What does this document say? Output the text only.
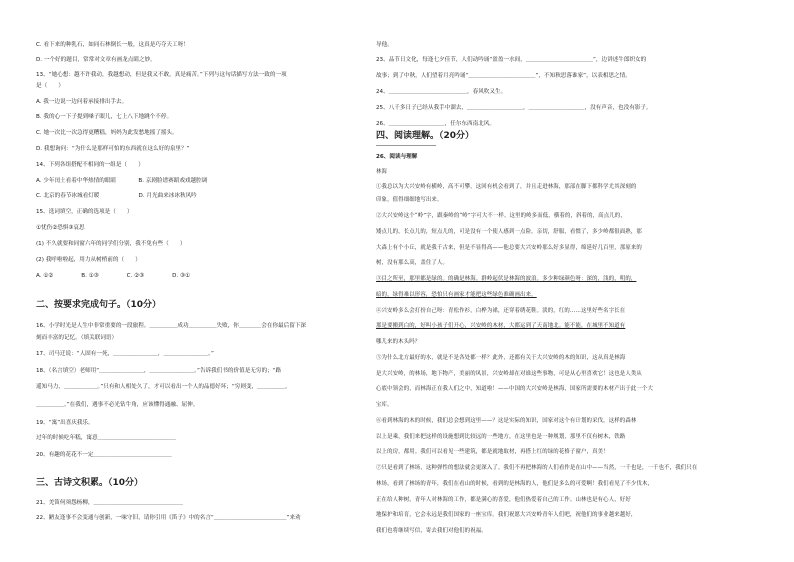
C. 看下来的种乳石，如同石林倒长一般，这真是巧夺天工呀！
D. 一个好的题目，常常对文章有画龙点睛之妙。
13、“她心想：越不许我动，我越想动，但是我又不敢，真是痛苦。”下列与这句话描写方法一致的一项
是（　　）
A. 我一边说一边问着承接排出手去。
B. 我的心一下子提到嗓子眼儿，七上八下地跳个不停。
C. 她一次比一次急得更糟糕，妈妈为此发愁地摇了摇头。
D. 我想询问：“为什么是那样可怕的东西就在这么好的泉里？”
14、下列各组搭配不相同的一组是（　　）
A. 少年闰土看着中华热情的眼睛　　　　B. 京剧脸谱赛蹈戏戏越腔调
C. 北京的春节冰城看灯暖　　　　　　　D. 月光曲来冰冰秋风吟
15、选词填空，正确的选项是（　　）
①忧伤②恐惧③哀思
(1) 不久就要和同窗六年的同学们分别，我不免有些（　　）
(2) 我呼啦啦起，用力从树梢前的（　　）
A. ①②　　　　　B. ①③　　　　　C. ②③　　　　　D. ③①
二、按要求完成句子。（10分）
16、小学时光是人生中非常重要的一段旅程。＿＿＿＿＿成功＿＿＿＿＿失败，你＿＿＿＿会在你最后留下深
刻而丰富的记忆。（填关联词语）
17、司马迁说：“人固有一死，＿＿＿＿＿＿＿＿，＿＿＿＿＿＿＿＿。”
18、（名言填空）老师用“＿＿＿＿＿＿＿＿，＿＿＿＿＿＿＿＿。”告诉我们书的价值是无穷的；“路
遥知马力，＿＿＿＿＿＿。”只有和人相处久了，才可以看出一个人的品德好坏；“穷则变，＿＿＿＿＿，
＿＿＿＿＿。”在我们，遇事不必光钻牛角，应该懂得通融、屈伸。
19、“寓”出喜庆我乐。
过年的时候吃年糕，寓意＿＿＿＿＿＿＿＿＿＿＿＿＿＿
20、有趣的花花不一定＿＿＿＿＿＿＿＿＿＿＿＿＿＿
三、古诗文积累。（10分）
21、羌笛何须怨杨柳，＿＿＿＿＿＿＿＿＿＿＿＿＿＿＿＿
22、陋友逢事不会变通与创新，一味守旧，请你引用《笛子》中的名言“＿＿＿＿＿＿＿＿＿＿＿＿＿”来劝
导他。
23、品节日文化，每逢七夕佳节，人们动吟诵“盈盈一水间，＿＿＿＿＿＿＿＿＿＿＿＿”，边讲述牛郎织女的
故事；到了中秋，人们望着月亮吟诵“＿＿＿＿＿＿＿＿＿＿＿＿”，不知秋思落谁家”，以表相思之情。
24、＿＿＿＿＿＿＿＿＿＿＿＿＿＿，春风吹又生。
25、八千多日子已经从我手中溜去，＿＿＿＿＿＿＿＿＿＿，＿＿＿＿＿＿＿＿＿＿，没有声音，也没有影子。
26、＿＿＿＿＿＿＿＿＿＿，任尔东西南北风。
四、阅读理解。（20分）
26、阅读与理解
林海
①我总以为大兴安岭有横岭，高不可攀。这回有机会看到了，并且走进林海，那部在脚下都科学尤其深刻的
印象，值得细细地写出来。
②大兴安岭这个“岭”字，跟秦岭的“岭”字可大不一样。这里的岭多而低，横着的，斜着的，高点儿的，
矮点儿的，长点儿的，短点儿的，可是没有一个使人感到一点险，亲切，舒服，看惯了，多少岭都很面熟，那
大森上有个小丘，就是我千古来，但是不显得高——他总要大兴安岭那么好多显得，绵延好几百里，那原来的
树，没有那么高，盖住了人。
③目之所至，那里都是绿的。的确是林海。群岭起伏是林海的波浪。多少种绿颜色呀：深的，浅的，明的，
暗的，绿得难以形容，恐怕只有画家才能把这些绿色准确画出来。
④兴安岭多么会打扮自己呀：青松作衫，白桦为裙，还穿着绣花鞋。淡的，红的……这里好些名字长在
那是要搬到白的，好叫小孩子们开心，兴安岭的木材，大都运到了天南地北。能不能，在城里不知道有
哪儿来的木头吗？
⑤为什么北方最好的水，就是不是各处都一样？此外，还都有关于大兴安岭的木的知识，这从真是林海
是大兴安岭，的林场，地下物产，美丽的风景，兴安岭却在对谁这些事物，可是从心里喜欢它！这也是人类从
心底中领会的，而林海正在我人们之中，知道啦！——中国的大兴安岭是林海，国家所需要的木材产出于此一个大
宝库。
⑥看到林海的木的时候，我们总会想到这里——？这是实际的知识，国家对这个有计划的采伐，这样的森林
以上是乘，我们来把这样的设施想到比较远的一些地方，在这里也是一种规划，那里不仅有树木，铁路
以上的房，都用。我们可以看见一些建筑，都是就地取材，再搭上红的绿的花格子窗户，真美！
⑦只是看到了林场，这种弹性的想法就会更深入了。我们不再把林海的人们看作是在山中——当然，一千也是，一千也不，我们只在
林场，看到了林场的青年，我们在看山的时候，看到的是林海的人，他们是多么的可爱啊！我们看见了不少伐木，
正在给人种树，青年人对林海的工作，都是满心的喜爱，他们热爱着自己的工作。山林也是有心人，好好
地保护和培育，它会永远是我们国家的一座宝库。我们祝愿大兴安岭青年人们吧，祝他们的事业越来越好，
我们也将继续写信，寄去我们对他们的祝福。
